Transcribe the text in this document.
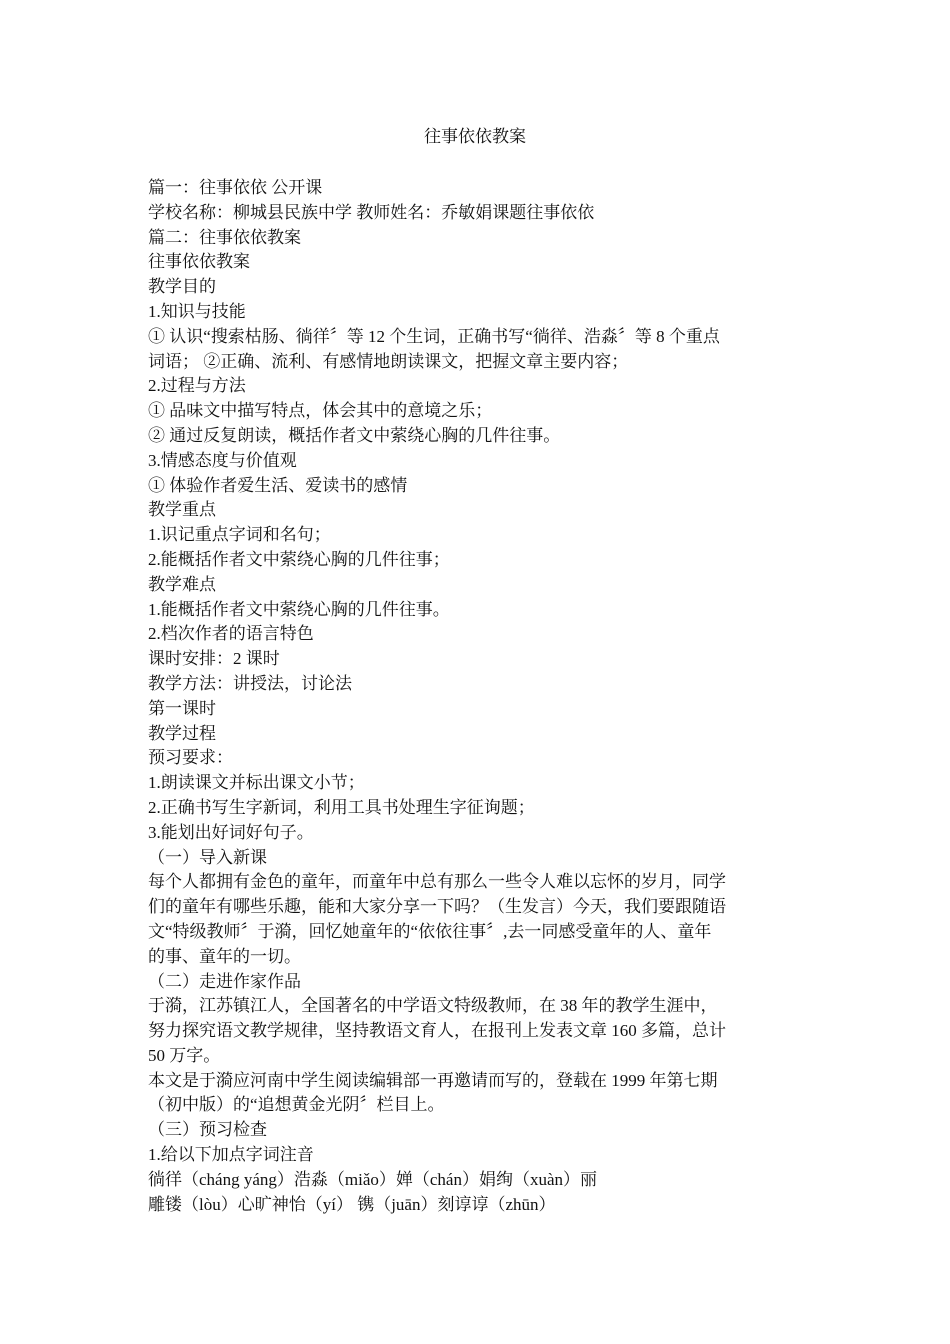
往事依依教案
篇一：往事依依 公开课
学校名称：柳城县民族中学 教师姓名：乔敏娟课题往事依依
篇二：往事依依教案
往事依依教案
教学目的
1.知识与技能
① 认识“搜索枯肠、徜徉〞等 12 个生词，正确书写“徜徉、浩淼〞等 8 个重点
词语； ②正确、流利、有感情地朗读课文，把握文章主要内容；
2.过程与方法
① 品味文中描写特点，体会其中的意境之乐；
② 通过反复朗读，概括作者文中萦绕心胸的几件往事。
3.情感态度与价值观
① 体验作者爱生活、爱读书的感情
教学重点
1.识记重点字词和名句；
2.能概括作者文中萦绕心胸的几件往事；
教学难点
1.能概括作者文中萦绕心胸的几件往事。
2.档次作者的语言特色
课时安排：2 课时
教学方法：讲授法，讨论法
第一课时
教学过程
预习要求：
1.朗读课文并标出课文小节；
2.正确书写生字新词，利用工具书处理生字征询题；
3.能划出好词好句子。
（一）导入新课
每个人都拥有金色的童年，而童年中总有那么一些令人难以忘怀的岁月，同学
们的童年有哪些乐趣，能和大家分享一下吗？（生发言）今天，我们要跟随语
文“特级教师〞于漪，回忆她童年的“依依往事〞,去一同感受童年的人、童年
的事、童年的一切。
（二）走进作家作品
于漪，江苏镇江人，全国著名的中学语文特级教师，在 38 年的教学生涯中，
努力探究语文教学规律，坚持教语文育人，在报刊上发表文章 160 多篇，总计
50 万字。
本文是于漪应河南中学生阅读编辑部一再邀请而写的，登载在 1999 年第七期
（初中版）的“追想黄金光阴〞栏目上。
（三）预习检查
1.给以下加点字词注音
徜徉（cháng yáng）浩淼（miǎo）婵（chán）娟绚（xuàn）丽
雕镂（lòu）心旷神怡（yí） 镌（juān）刻谆谆（zhūn）
